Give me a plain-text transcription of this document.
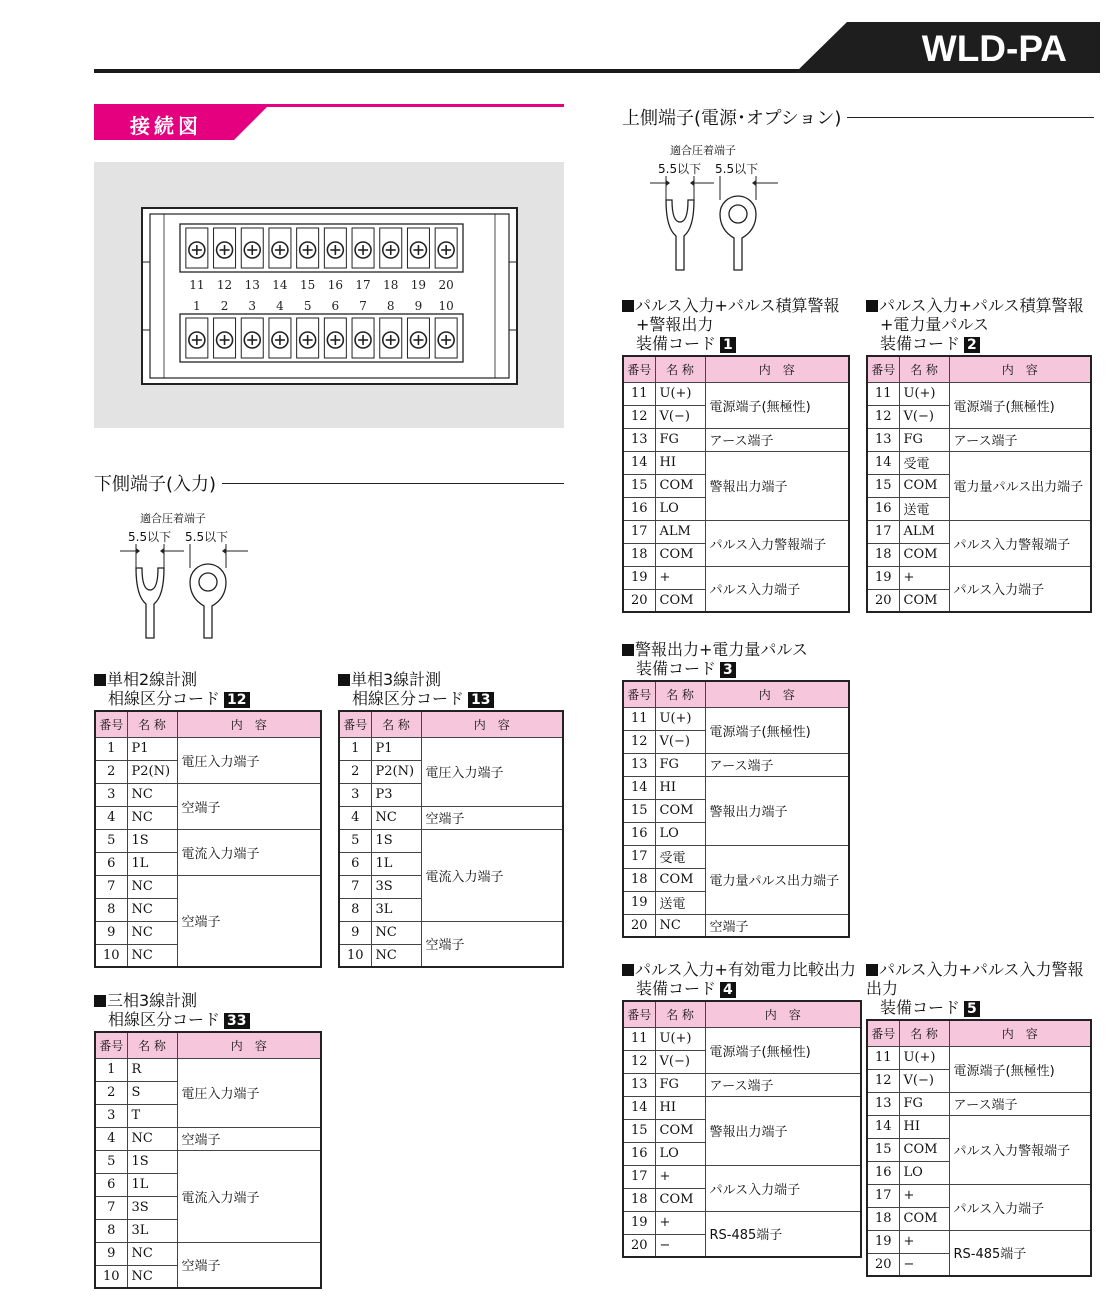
WLD-PA
接続図
11 12 13 14 15 16 17 18 19 20
1 2 3 4 5 6 7 8 9 10
下側端子(入力)
適合圧着端子
5.5以下 5.5以下
上側端子(電源･オプション)
適合圧着端子
5.5以下 5.5以下
単相2線計測
相線区分コード 12
番号	名 称	内　容
1	P1	電圧入力端子
2	P2(N)	
3	NC	空端子
4	NC	
5	1S	電流入力端子
6	1L	
7	NC	空端子
8	NC	
9	NC	
10	NC	
単相3線計測
相線区分コード 13
番号	名 称	内　容
1	P1	電圧入力端子
2	P2(N)	
3	P3	
4	NC	空端子
5	1S	電流入力端子
6	1L	
7	3S	
8	3L	
9	NC	空端子
10	NC	
三相3線計測
相線区分コード 33
番号	名 称	内　容
1	R	電圧入力端子
2	S	
3	T	
4	NC	空端子
5	1S	電流入力端子
6	1L	
7	3S	
8	3L	
9	NC	空端子
10	NC	
パルス入力+パルス積算警報
+警報出力
装備コード 1
番号	名 称	内　容
11	U(+)	電源端子(無極性)
12	V(−)	
13	FG	アース端子
14	HI	警報出力端子
15	COM	
16	LO	
17	ALM	パルス入力警報端子
18	COM	
19	+	パルス入力端子
20	COM	
パルス入力+パルス積算警報
+電力量パルス
装備コード 2
番号	名 称	内　容
11	U(+)	電源端子(無極性)
12	V(−)	
13	FG	アース端子
14	受電	電力量パルス出力端子
15	COM	
16	送電	
17	ALM	パルス入力警報端子
18	COM	
19	+	パルス入力端子
20	COM	
警報出力+電力量パルス
装備コード 3
番号	名 称	内　容
11	U(+)	電源端子(無極性)
12	V(−)	
13	FG	アース端子
14	HI	警報出力端子
15	COM	
16	LO	
17	受電	電力量パルス出力端子
18	COM	
19	送電	
20	NC	空端子
パルス入力+有効電力比較出力
装備コード 4
番号	名 称	内　容
11	U(+)	電源端子(無極性)
12	V(−)	
13	FG	アース端子
14	HI	警報出力端子
15	COM	
16	LO	
17	+	パルス入力端子
18	COM	
19	+	RS-485端子
20	−	
パルス入力+パルス入力警報出力
装備コード 5
番号	名 称	内　容
11	U(+)	電源端子(無極性)
12	V(−)	
13	FG	アース端子
14	HI	パルス入力警報端子
15	COM	
16	LO	
17	+	パルス入力端子
18	COM	
19	+	RS-485端子
20	−	
